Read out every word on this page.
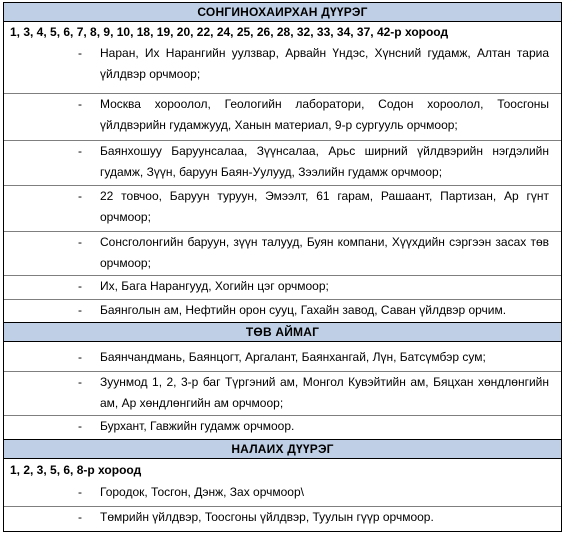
СОНГИНОХАИРХАН ДҮҮРЭГ
1, 3, 4, 5, 6, 7, 8, 9, 10, 18, 19, 20, 22, 24, 25, 26, 28, 32, 33, 34, 37, 42-р хороод
- Наран, Их Нарангийн уулзвар, Арвайн Үндэс, Хүнсний гудамж, Алтан тариа үйлдвэр орчмоор;
- Москва хороолол, Геологийн лаборатори, Содон хороолол, Тоосгоны үйлдвэрийн гудамжууд, Ханын материал, 9-р сургууль орчмоор;
- Баянхошуу Баруунсалаа, Зүүнсалаа, Арьс ширний үйлдвэрийн нэгдэлийн гудамж, Зүүн, баруун Баян-Уулууд, Зээлийн гудамж орчмоор;
- 22 товчоо, Баруун туруун, Эмээлт, 61 гарам, Рашаант, Партизан, Ар гүнт орчмоор;
- Сонсголонгийн баруун, зүүн талууд, Буян компани, Хүүхдийн сэргээн засах төв орчмоор;
- Их, Бага Нарангууд, Хогийн цэг орчмоор;
- Баянголын ам, Нефтийн орон сууц, Гахайн завод, Саван үйлдвэр орчим.
ТӨВ АЙМАГ
- Баянчандмань, Баянцогт, Аргалант, Баянхангай, Лүн, Батсүмбэр сум;
- Зуунмод 1, 2, 3-р баг Түргэний ам, Монгол Кувэйтийн ам, Бяцхан хөндлөнгийн ам, Ар хөндлөнгийн ам орчмоор;
- Бурхант, Гавжийн гудамж орчмоор.
НАЛАИХ ДҮҮРЭГ
1, 2, 3, 5, 6, 8-р хороод
- Городок, Тосгон, Дэнж, Зах орчмоор\
- Төмрийн үйлдвэр, Тоосгоны үйлдвэр, Туулын гүүр орчмоор.
